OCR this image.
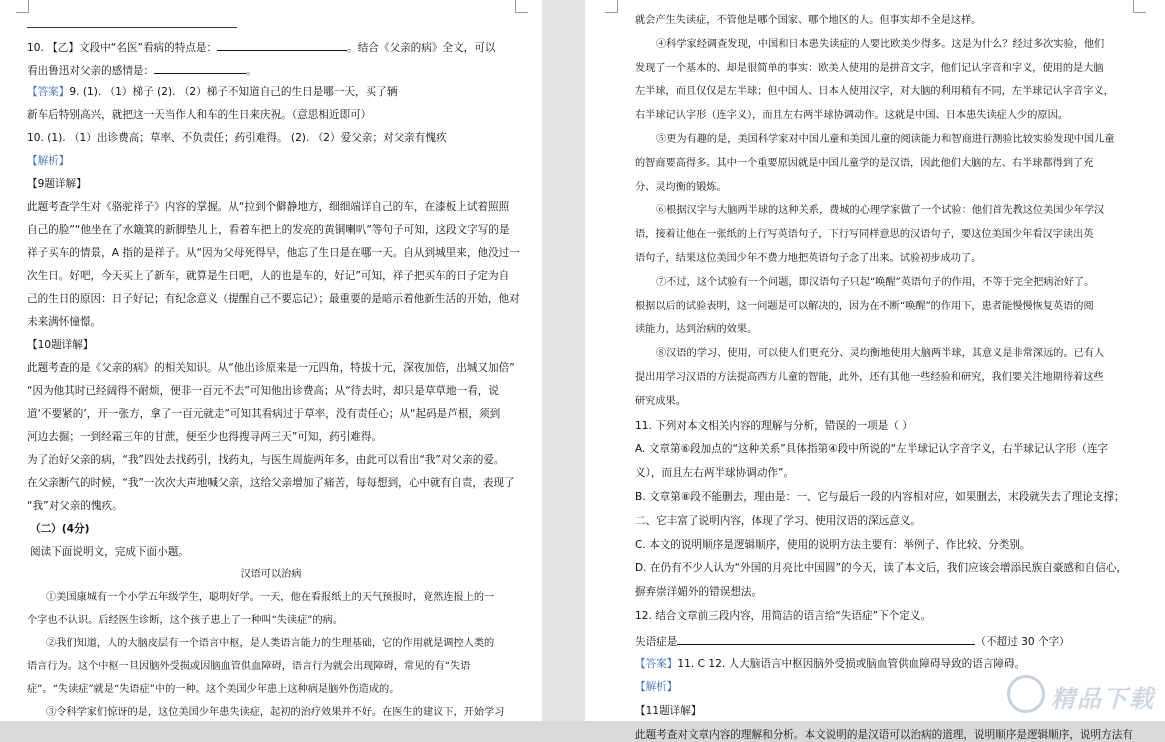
10. 【乙】文段中“名医”看病的特点是：	。结合《父亲的病》全文，可以
看出鲁迅对父亲的感情是：	。
【答案】9. (1). （1）梯子 (2). （2）梯子不知道自己的生日是哪一天，买了辆
新车后特别高兴，就把这一天当作人和车的生日来庆祝。（意思相近即可）
10. (1). （1）出诊费高；草率、不负责任；药引难得。 (2). （2）爱父亲；对父亲有愧疚
【解析】
【9题详解】
此题考查学生对《骆驼祥子》内容的掌握。从“拉到个僻静地方，细细端详自己的车，在漆板上试着照照
自己的脸”“他坐在了水簸箕的新脚垫儿上，看着车把上的发亮的黄铜喇叭”等句子可知，这段文字写的是
祥子买车的情景，A 指的是祥子。从“因为父母死得早，他忘了生日是在哪一天。自从到城里来，他没过一
次生日。好吧，今天买上了新车，就算是生日吧，人的也是车的，好记”可知，祥子把买车的日子定为自
己的生日的原因：日子好记；有纪念意义（提醒自己不要忘记）；最重要的是暗示着他新生活的开始，他对
未来满怀憧憬。
【10题详解】
此题考查的是《父亲的病》的相关知识。从“他出诊原来是一元四角，特拔十元，深夜加倍，出城又加倍”
“因为他其时已经阔得不耐烦，便非一百元不去”可知他出诊费高；从“待去时，却只是草草地一看，说
道‘不要紧的’，开一张方，拿了一百元就走”可知其看病过于草率，没有责任心；从“起码是芦根，须到
河边去掘；一到经霜三年的甘蔗，便至少也得搜寻两三天”可知，药引难得。
为了治好父亲的病，“我”四处去找药引，找药丸，与医生周旋两年多，由此可以看出“我”对父亲的爱。
在父亲断气的时候，“我”一次次大声地喊父亲，这给父亲增加了痛苦，每每想到，心中就有自责，表现了
“我”对父亲的愧疚。
（二）(4分)
阅读下面说明文，完成下面小题。
汉语可以治病
①美国康城有一个小学五年级学生，聪明好学。一天，他在看报纸上的天气预报时，竟然连报上的一
个字也不认识。后经医生诊断，这个孩子患上了一种叫“失读症”的病。
②我们知道，人的大脑皮层有一个语言中枢，是人类语言能力的生理基础，它的作用就是调控人类的
语言行为。这个中枢一旦因脑外受损或因脑血管供血障碍，语言行为就会出现障碍，常见的有“失语
症”。“失读症”就是“失语症”中的一种。这个美国少年患上这种病是脑外伤造成的。
③令科学家们惊讶的是，这位美国少年患失读症，起初的治疗效果并不好。在医生的建议下，开始学习
就会产生失读症，不管他是哪个国家、哪个地区的人。但事实却不全是这样。
④科学家经调查发现，中国和日本患失读症的人要比欧美少得多。这是为什么？经过多次实验，他们
发现了一个基本的、却是很简单的事实：欧美人使用的是拼音文字，他们记认字音和字义，使用的是大脑
左半球，而且仅仅是左半球；但中国人、日本人使用汉字，对大脑的利用稍有不同，左半球记认字音字义，
右半球记认字形（连字义），而且左右两半球协调动作。这就是中国、日本患失读症人少的原因。
⑤更为有趣的是，美国科学家对中国儿童和美国儿童的阅读能力和智商进行测验比较实验发现中国儿童
的智商要高得多。其中一个重要原因就是中国儿童学的是汉语，因此他们大脑的左、右半球都得到了充
分、灵均衡的锻炼。
⑥根据汉字与大脑两半球的这种关系，费城的心理学家做了一个试验：他们首先教这位美国少年学汉
语，接着让他在一张纸的上行写英语句子，下行写同样意思的汉语句子，要这位美国少年看汉字读出英
语句子，结果这位美国少年不费力地把英语句子念了出来。试验初步成功了。
⑦不过，这个试验有一个问题，即汉语句子只起“唤醒”英语句子的作用，不等于完全把病治好了。
根据以后的试验表明，这一问题是可以解决的，因为在不断“唤醒”的作用下，患者能慢慢恢复英语的阅
读能力，达到治病的效果。
⑧汉语的学习、使用，可以使人们更充分、灵均衡地使用大脑两半球，其意义是非常深远的。已有人
提出用学习汉语的方法提高西方儿童的智能，此外，还有其他一些经验和研究，我们要关注地期待着这些
研究成果。
11. 下列对本文相关内容的理解与分析，错误的一项是（ ）
A. 文章第⑥段加点的“这种关系”具体指第④段中所说的“左半球记认字音字义，右半球记认字形（连字
义），而且左右两半球协调动作”。
B. 文章第⑧段不能删去，理由是：一、它与最后一段的内容相对应，如果删去，末段就失去了理论支撑；
二、它丰富了说明内容，体现了学习、使用汉语的深远意义。
C. 本文的说明顺序是逻辑顺序，使用的说明方法主要有：举例子、作比较、分类别。
D. 在仍有不少人认为“外国的月亮比中国圆”的今天，读了本文后，我们应该会增添民族自豪感和自信心，
摒弃崇洋媚外的错误想法。
12. 结合文章前三段内容，用简洁的语言给“失语症”下个定义。
失语症是	（不超过 30 个字）
【答案】11. C 12. 人大脑语言中枢因脑外受损或脑血管供血障碍导致的语言障碍。
【解析】
【11题详解】
此题考查对文章内容的理解和分析。本文说明的是汉语可以治病的道理，说明顺序是逻辑顺序，说明方法有
精品下载
